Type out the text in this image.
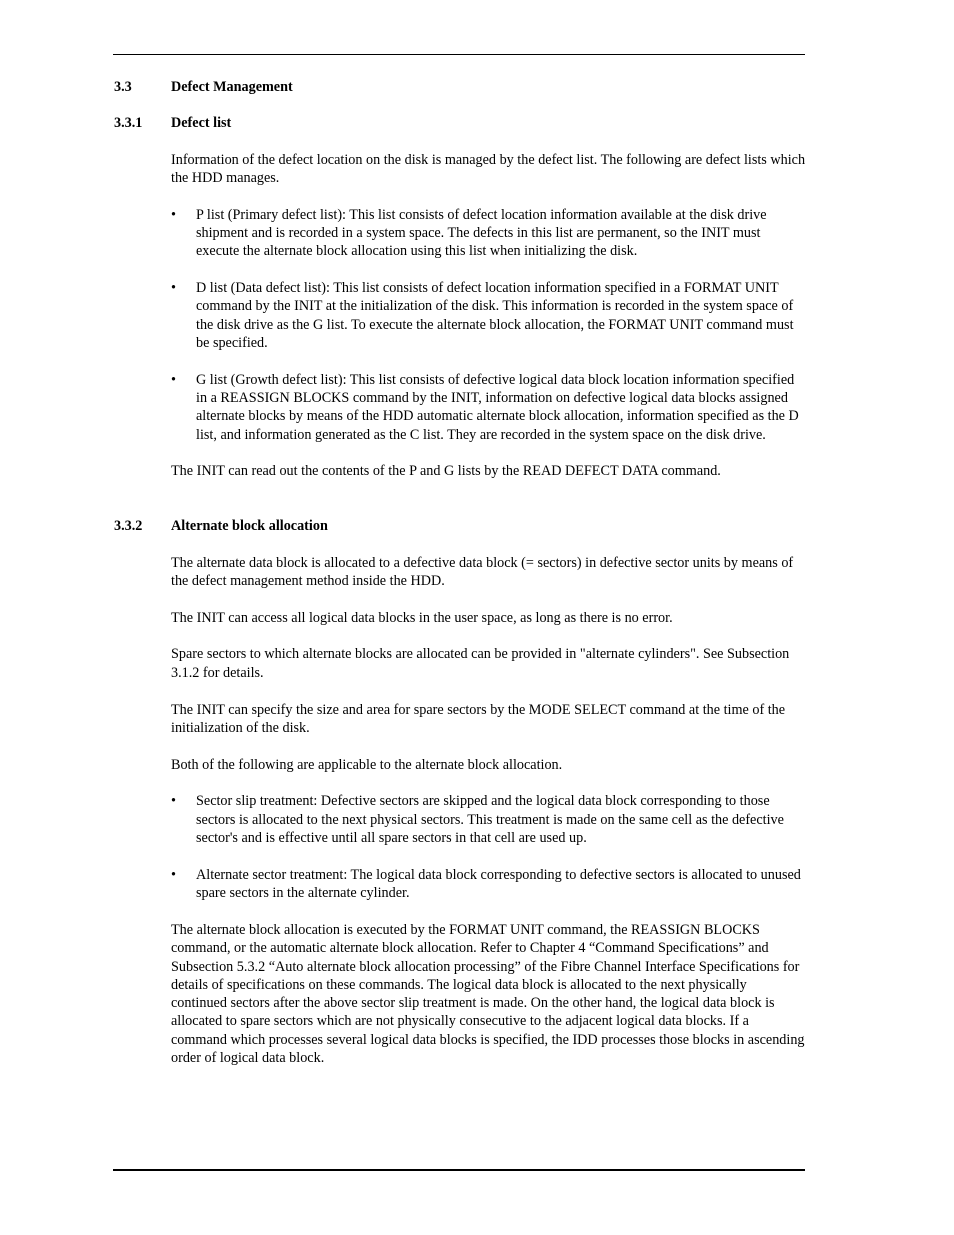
3.3	Defect Management
3.3.1	Defect list
Information of the defect location on the disk is managed by the defect list. The following are defect lists which the HDD manages.
• P list (Primary defect list): This list consists of defect location information available at the disk drive shipment and is recorded in a system space. The defects in this list are permanent, so the INIT must execute the alternate block allocation using this list when initializing the disk.
• D list (Data defect list): This list consists of defect location information specified in a FORMAT UNIT command by the INIT at the initialization of the disk. This information is recorded in the system space of the disk drive as the G list. To execute the alternate block allocation, the FORMAT UNIT command must be specified.
• G list (Growth defect list): This list consists of defective logical data block location information specified in a REASSIGN BLOCKS command by the INIT, information on defective logical data blocks assigned alternate blocks by means of the HDD automatic alternate block allocation, information specified as the D list, and information generated as the C list. They are recorded in the system space on the disk drive.
The INIT can read out the contents of the P and G lists by the READ DEFECT DATA command.
3.3.2	Alternate block allocation
The alternate data block is allocated to a defective data block (= sectors) in defective sector units by means of the defect management method inside the HDD.
The INIT can access all logical data blocks in the user space, as long as there is no error.
Spare sectors to which alternate blocks are allocated can be provided in "alternate cylinders". See Subsection 3.1.2 for details.
The INIT can specify the size and area for spare sectors by the MODE SELECT command at the time of the initialization of the disk.
Both of the following are applicable to the alternate block allocation.
• Sector slip treatment: Defective sectors are skipped and the logical data block corresponding to those sectors is allocated to the next physical sectors. This treatment is made on the same cell as the defective sector's and is effective until all spare sectors in that cell are used up.
• Alternate sector treatment: The logical data block corresponding to defective sectors is allocated to unused spare sectors in the alternate cylinder.
The alternate block allocation is executed by the FORMAT UNIT command, the REASSIGN BLOCKS command, or the automatic alternate block allocation. Refer to Chapter 4 “Command Specifications” and Subsection 5.3.2 “Auto alternate block allocation processing” of the Fibre Channel Interface Specifications for details of specifications on these commands. The logical data block is allocated to the next physically continued sectors after the above sector slip treatment is made. On the other hand, the logical data block is allocated to spare sectors which are not physically consecutive to the adjacent logical data blocks. If a command which processes several logical data blocks is specified, the IDD processes those blocks in ascending order of logical data block.
